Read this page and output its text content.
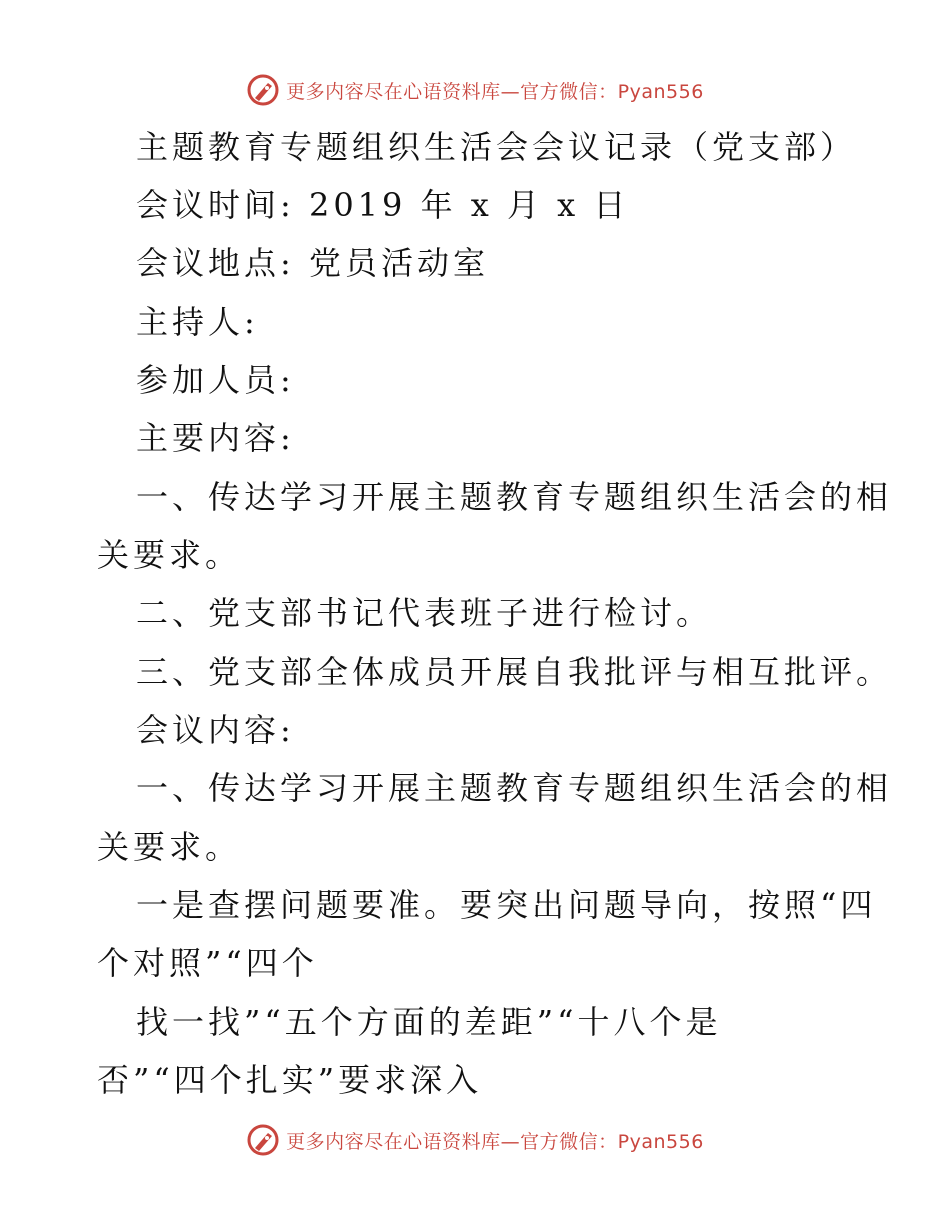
更多内容尽在心语资料库—官方微信：Pyan556
主题教育专题组织生活会会议记录（党支部）
会议时间: 2019 年 x 月 x 日
会议地点: 党员活动室
主持人:
参加人员:
主要内容:
一、传达学习开展主题教育专题组织生活会的相
关要求。
二、党支部书记代表班子进行检讨。
三、党支部全体成员开展自我批评与相互批评。
会议内容:
一、传达学习开展主题教育专题组织生活会的相
关要求。
一是查摆问题要准。要突出问题导向，按照“四
个对照”“四个
找一找”“五个方面的差距”“十八个是
否”“四个扎实”要求深入
更多内容尽在心语资料库—官方微信：Pyan556
